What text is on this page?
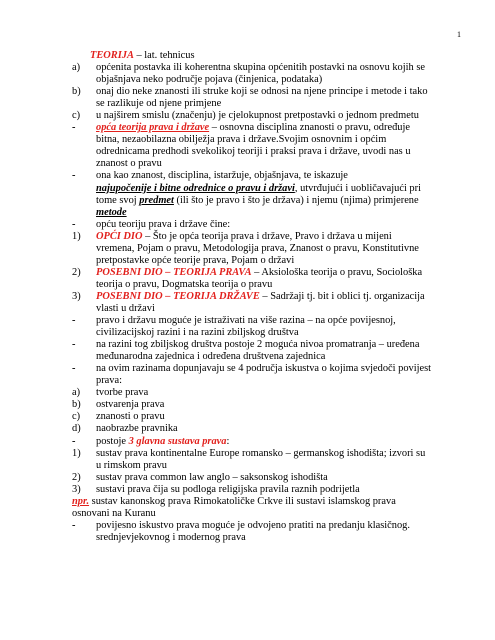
1
TEORIJA – lat. tehnicus
a) općenita postavka ili koherentna skupina općenitih postavki na osnovu kojih se objašnjava neko područje pojava (činjenica, podataka)
b) onaj dio neke znanosti ili struke koji se odnosi na njene principe i metode i tako se razlikuje od njene primjene
c) u najširem smislu (značenju) je cjelokupnost pretpostavki o jednom predmetu
- opća teorija prava i države – osnovna disciplina znanosti o pravu, određuje bitna, nezaobilazna obilježja prava i države.Svojim osnovnim i općim odrednicama predhodi svekolikoj teoriji i praksi prava i države, uvodi nas u znanost o pravu
- ona kao znanost, disciplina, istaržuje, objašnjava, te iskazuje
najupočenije i bitne odrednice o pravu i državi, utvrđujući i uobličavajući pri tome svoj predmet (ili što je pravo i što je država) i njemu (njima) primjerene metode
- opću teoriju prava i države čine:
1) OPĆI DIO – Što je opća teorija prava i države, Pravo i država u mijeni vremena, Pojam o pravu, Metodologija prava, Znanost o pravu, Konstitutivne pretpostavke opće teorije prava, Pojam o državi
2) POSEBNI DIO – TEORIJA PRAVA – Aksiološka teorija o pravu, Sociološka teorija o pravu, Dogmatska teorija o pravu
3) POSEBNI DIO – TEORIJA DRŽAVE – Sadržaji tj. bit i oblici tj. organizacija vlasti u državi
- pravo i državu moguće je istraživati na više razina – na opće povijesnoj, civilizacijskoj razini i na razini zbiljskog društva
- na razini tog zbiljskog društva postoje 2 moguća nivoa promatranja – uređena međunarodna zajednica i određena društvena zajednica
- na ovim razinama dopunjavaju se 4 područja iskustva o kojima svjedoči povijest prava:
a) tvorbe prava
b) ostvarenja prava
c) znanosti o pravu
d) naobrazbe pravnika
- postoje 3 glavna sustava prava:
1) sustav prava kontinentalne Europe romansko – germanskog ishodišta; izvori su u rimskom pravu
2) sustav prava common law anglo – saksonskog ishodišta
3) sustavi prava čija su podloga religijska pravila raznih podrijetla
npr. sustav kanonskog prava Rimokatoličke Crkve ili sustavi islamskog prava osnovani na Kuranu
- povijesno iskustvo prava moguće je odvojeno pratiti na predanju klasičnog. srednjevjekovnog i modernog prava
